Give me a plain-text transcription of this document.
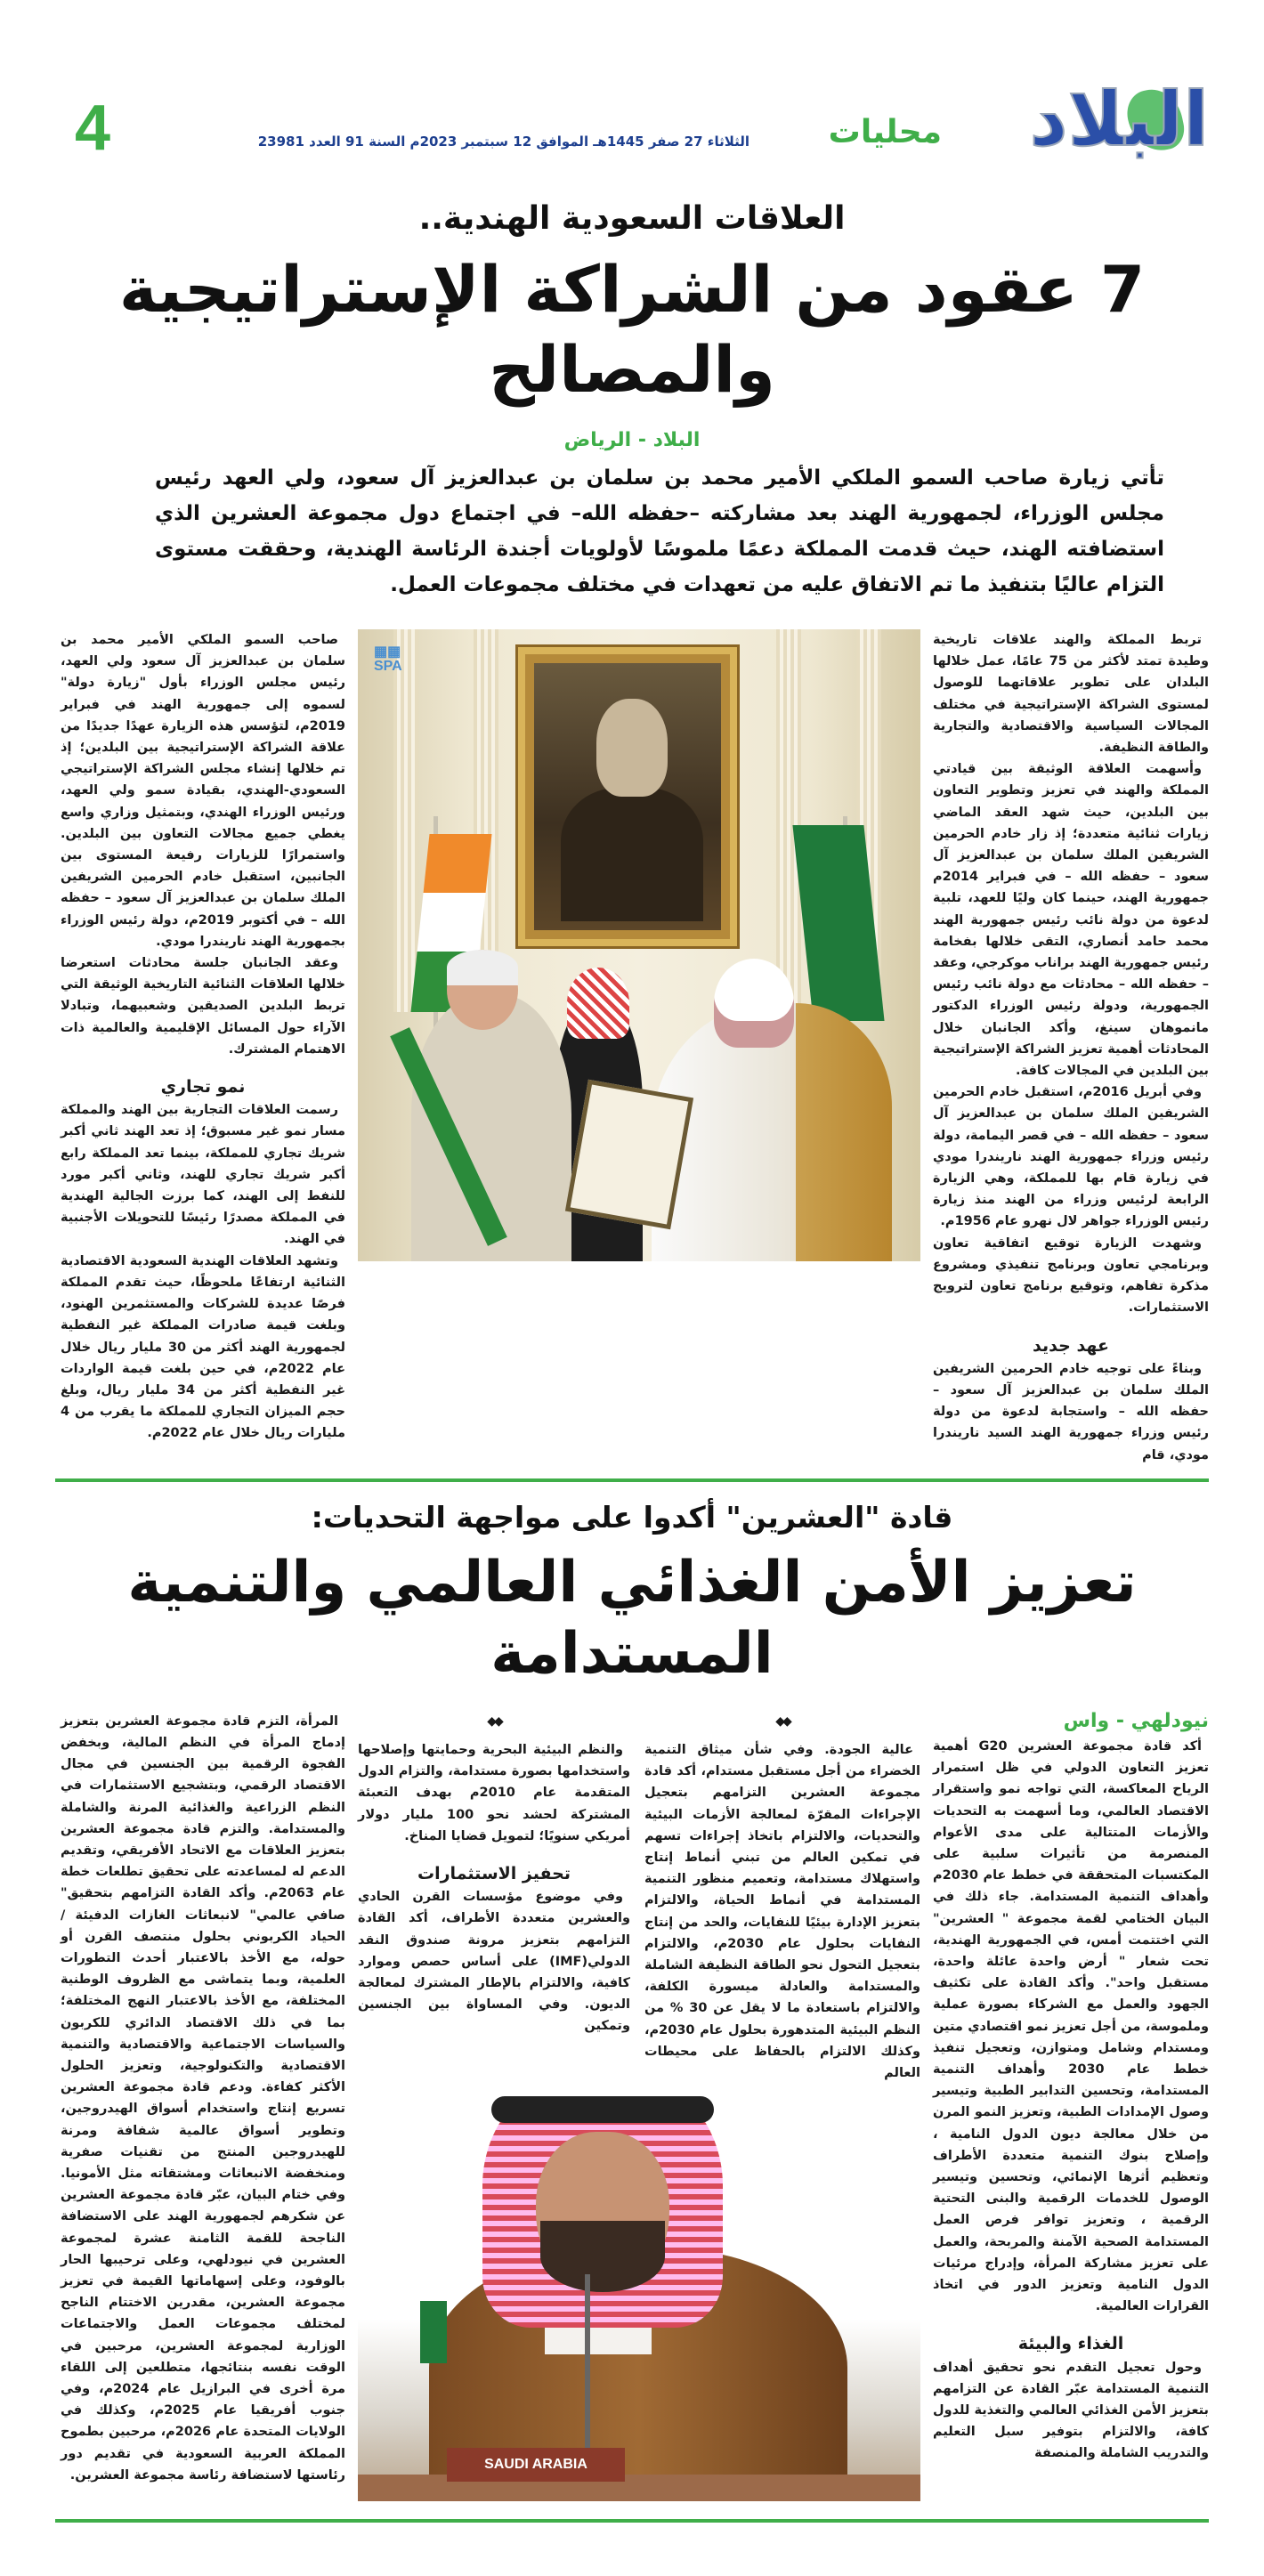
البلاد
محليات
الثلاثاء 27 صفر 1445هـ الموافق 12 سبتمبر 2023م السنة 91 العدد 23981
4
العلاقات السعودية الهندية..
7 عقود من الشراكة الإستراتيجية والمصالح
البلاد - الرياض
تأتي زيارة صاحب السمو الملكي الأمير محمد بن سلمان بن عبدالعزيز آل سعود، ولي العهد رئيس مجلس الوزراء، لجمهورية الهند بعد مشاركته –حفظه الله– في اجتماع دول مجموعة العشرين الذي استضافته الهند، حيث قدمت المملكة دعمًا ملموسًا لأولويات أجندة الرئاسة الهندية، وحققت مستوى التزام عاليًا بتنفيذ ما تم الاتفاق عليه من تعهدات في مختلف مجموعات العمل.

تربط المملكة والهند علاقات تاريخية وطيدة تمتد لأكثر من 75 عامًا، عمل خلالها البلدان على تطوير علاقاتهما للوصول لمستوى الشراكة الإستراتيجية في مختلف المجالات السياسية والاقتصادية والتجارية والطاقة النظيفة.

وأسهمت العلاقة الوثيقة بين قيادتي المملكة والهند في تعزيز وتطوير التعاون بين البلدين، حيث شهد العقد الماضي زيارات ثنائية متعددة؛ إذ زار خادم الحرمين الشريفين الملك سلمان بن عبدالعزيز آل سعود – حفظه الله – في فبراير 2014م جمهورية الهند، حينما كان وليًا للعهد، تلبية لدعوة من دولة نائب رئيس جمهورية الهند محمد حامد أنصاري، التقى خلالها بفخامة رئيس جمهورية الهند براناب موكرجي، وعقد – حفظه الله – محادثات مع دولة نائب رئيس الجمهورية، ودولة رئيس الوزراء الدكتور مانموهان سينغ، وأكد الجانبان خلال المحادثات أهمية تعزيز الشراكة الإستراتيجية بين البلدين في المجالات كافة.

وفي أبريل 2016م، استقبل خادم الحرمين الشريفين الملك سلمان بن عبدالعزيز آل سعود – حفظه الله – في قصر اليمامة، دولة رئيس وزراء جمهورية الهند ناريندرا مودي في زيارة قام بها للمملكة، وهي الزيارة الرابعة لرئيس وزراء من الهند منذ زيارة رئيس الوزراء جواهر لال نهرو عام 1956م.

وشهدت الزيارة توقيع اتفاقية تعاون وبرنامجي تعاون وبرنامج تنفيذي ومشروع مذكرة تفاهم، وتوقيع برنامج تعاون لترويج الاستثمارات.

عهد جديد

وبناءً على توجيه خادم الحرمين الشريفين الملك سلمان بن عبدالعزيز آل سعود – حفظه الله – واستجابة لدعوة من دولة رئيس وزراء جمهورية الهند السيد ناريندرا مودي، قام

▦▦
SPA

صاحب السمو الملكي الأمير محمد بن سلمان بن عبدالعزيز آل سعود ولي العهد، رئيس مجلس الوزراء بأول "زيارة دولة" لسموه إلى جمهورية الهند في فبراير 2019م، لتؤسس هذه الزيارة عهدًا جديدًا من علاقة الشراكة الإستراتيجية بين البلدين؛ إذ تم خلالها إنشاء مجلس الشراكة الإستراتيجي السعودي-الهندي، بقيادة سمو ولي العهد، ورئيس الوزراء الهندي، وبتمثيل وزاري واسع يغطي جميع مجالات التعاون بين البلدين. واستمرارًا للزيارات رفيعة المستوى بين الجانبين، استقبل خادم الحرمين الشريفين الملك سلمان بن عبدالعزيز آل سعود – حفظه الله – في أكتوبر 2019م، دولة رئيس الوزراء بجمهورية الهند ناريندرا مودي.

وعقد الجانبان جلسة محادثات استعرضا خلالها العلاقات الثنائية التاريخية الوثيقة التي تربط البلدين الصديقين وشعبيهما، وتبادلا الآراء حول المسائل الإقليمية والعالمية ذات الاهتمام المشترك.

نمو تجاري

رسمت العلاقات التجارية بين الهند والمملكة مسار نمو غير مسبوق؛ إذ تعد الهند ثاني أكبر شريك تجاري للمملكة، بينما تعد المملكة رابع أكبر شريك تجاري للهند، وثاني أكبر مورد للنفط إلى الهند، كما برزت الجالية الهندية في المملكة مصدرًا رئيسًا للتحويلات الأجنبية في الهند.

وتشهد العلاقات الهندية السعودية الاقتصادية الثنائية ارتفاعًا ملحوظًا، حيث تقدم المملكة فرصًا عديدة للشركات والمستثمرين الهنود، وبلغت قيمة صادرات المملكة غير النفطية لجمهورية الهند أكثر من 30 مليار ريال خلال عام 2022م، في حين بلغت قيمة الواردات غير النفطية أكثر من 34 مليار ريال، وبلغ حجم الميزان التجاري للمملكة ما يقرب من 4 مليارات ريال خلال عام 2022م.

قادة "العشرين" أكدوا على مواجهة التحديات:
تعزيز الأمن الغذائي العالمي والتنمية المستدامة
نيودلهي - واس

أكد قادة مجموعة العشرين G20 أهمية تعزيز التعاون الدولي في ظل استمرار الرياح المعاكسة، التي تواجه نمو واستقرار الاقتصاد العالمي، وما أسهمت به التحديات والأزمات المتتالية على مدى الأعوام المنصرمة من تأثيرات سلبية على المكتسبات المتحققة في خطط عام 2030م وأهداف التنمية المستدامة. جاء ذلك في البيان الختامي لقمة مجموعة " العشرين" التي اختتمت أمس، في الجمهورية الهندية، تحت شعار " أرض واحدة عائلة واحدة، مستقبل واحد". وأكد القادة على تكثيف الجهود والعمل مع الشركاء بصورة عملية وملموسة، من أجل تعزيز نمو اقتصادي متين ومستدام وشامل ومتوازن، وتعجيل تنفيذ خطط عام 2030 وأهداف التنمية المستدامة، وتحسين التدابير الطبية وتيسير وصول الإمدادات الطبية، وتعزيز النمو المرن من خلال معالجة ديون الدول النامية ، وإصلاح بنوك التنمية متعددة الأطراف وتعظيم أثرها الإنمائي، وتحسين وتيسير الوصول للخدمات الرقمية والبنى التحتية الرقمية ، وتعزيز توافر فرص العمل المستدامة الصحية الآمنة والمربحة، والعمل على تعزيز مشاركة المرأة، وإدراج مرئيات الدول النامية وتعزيز الدور في اتخاذ القرارات العالمية.

الغذاء والبيئة

وحول تعجيل التقدم نحو تحقيق أهداف التنمية المستدامة عبّر القادة عن التزامهم بتعزيز الأمن الغذائي العالمي والتغذية للدول كافة، والالتزام بتوفير سبل التعليم والتدريب الشاملة والمنصفة

◆◆

عالية الجودة. وفي شأن ميثاق التنمية الخضراء من أجل مستقبل مستدام، أكد قادة مجموعة العشرين التزامهم بتعجيل الإجراءات المقرّة لمعالجة الأزمات البيئية والتحديات، والالتزام باتخاذ إجراءات تسهم في تمكين العالم من تبني أنماط إنتاج واستهلاك مستدامة، وتعميم منظور التنمية المستدامة في أنماط الحياة، والالتزام بتعزيز الإدارة بيئيًا للنفايات، والحد من إنتاج النفايات بحلول عام 2030م، والالتزام بتعجيل التحول نحو الطاقة النظيفة الشاملة والمستدامة والعادلة ميسورة الكلفة، والالتزام باستعادة ما لا يقل عن 30 % من النظم البيئية المتدهورة بحلول عام 2030م، وكذلك الالتزام بالحفاظ على محيطات العالم

◆◆

والنظم البيئية البحرية وحمايتها وإصلاحها واستخدامها بصورة مستدامة، والتزام الدول المتقدمة عام 2010م بهدف التعبئة المشتركة لحشد نحو 100 مليار دولار أمريكي سنويًا؛ لتمويل قضايا المناخ.

تحفيز الاستثمارات

وفي موضوع مؤسسات القرن الحادي والعشرين متعددة الأطراف، أكد القادة التزامهم بتعزيز مرونة صندوق النقد الدولي(IMF) على أساس حصص وموارد كافية، والالتزام بالإطار المشترك لمعالجة الديون. وفي المساواة بين الجنسين وتمكين

SAUDI ARABIA

المرأة، التزم قادة مجموعة العشرين بتعزيز إدماج المرأة في النظم المالية، وبخفض الفجوة الرقمية بين الجنسين في مجال الاقتصاد الرقمي، وبتشجيع الاستثمارات في النظم الزراعية والغذائية المرنة والشاملة والمستدامة. والتزم قادة مجموعة العشرين بتعزيز العلاقات مع الاتحاد الأفريقي، وتقديم الدعم له لمساعدته على تحقيق تطلعات خطة عام 2063م. وأكد القادة التزامهم بتحقيق" صافي عالمي" لانبعاثات الغازات الدفيئة / الحياد الكربوني بحلول منتصف القرن أو حوله، مع الأخذ بالاعتبار أحدث التطورات العلمية، وبما يتماشى مع الظروف الوطنية المختلفة، مع الأخذ بالاعتبار النهج المختلفة؛ بما في ذلك الاقتصاد الدائري للكربون والسياسات الاجتماعية والاقتصادية والتنمية الاقتصادية والتكنولوجية، وتعزيز الحلول الأكثر كفاءة. ودعم قادة مجموعة العشرين تسريع إنتاج واستخدام أسواق الهيدروجين، وتطوير أسواق عالمية شفافة ومرنة للهيدروجين المنتج من تقنيات صفرية ومنخفضة الانبعاثات ومشتقاته مثل الأمونيا. وفي ختام البيان، عبّر قادة مجموعة العشرين عن شكرهم لجمهورية الهند على الاستضافة الناجحة للقمة الثامنة عشرة لمجموعة العشرين في نيودلهي، وعلى ترحيبها الحار بالوفود، وعلى إسهاماتها القيمة في تعزيز مجموعة العشرين، مقدرين الاختتام الناجح لمختلف مجموعات العمل والاجتماعات الوزارية لمجموعة العشرين، مرحبين في الوقت نفسه بنتائجها، متطلعين إلى اللقاء مرة أخرى في البرازيل عام 2024م، وفي جنوب أفريقيا عام 2025م، وكذلك في الولايات المتحدة عام 2026م، مرحبين بطموح المملكة العربية السعودية في تقديم دور رئاستها لاستضافة رئاسة مجموعة العشرين.
